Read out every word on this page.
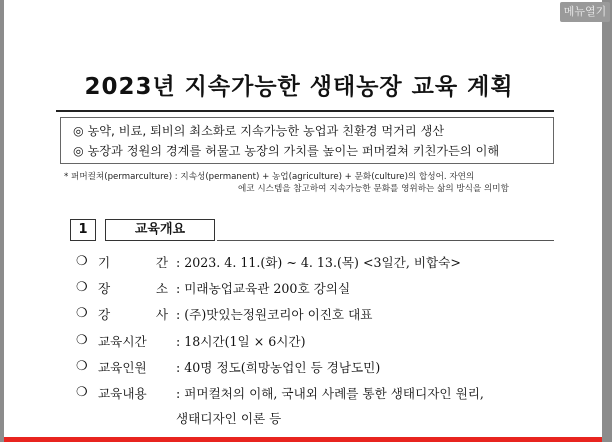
2023년 지속가능한 생태농장 교육 계획
◎ 농약, 비료, 퇴비의 최소화로 지속가능한 농업과 친환경 먹거리 생산
◎ 농장과 정원의 경계를 허물고 농장의 가치를 높이는 퍼머컬쳐 키친가든의 이해
* 퍼머컬쳐(permarculture) : 지속성(permanent) + 농업(agriculture) + 문화(culture)의 합성어. 자연의
에코 시스템을 참고하여 지속가능한 문화를 영위하는 삶의 방식을 의미함
1	교육개요
❍ 기	간 : 2023. 4. 11.(화) ~ 4. 13.(목) <3일간, 비합숙>
❍ 장	소 : 미래농업교육관 200호 강의실
❍ 강	사 : (주)맛있는정원코리아 이진호 대표
❍ 교육시간	: 18시간(1일 × 6시간)
❍ 교육인원	: 40명 정도(희망농업인 등 경남도민)
❍ 교육내용	: 퍼머컬처의 이해, 국내외 사례를 통한 생태디자인 원리,
생태디자인 이론 등
메뉴열기
